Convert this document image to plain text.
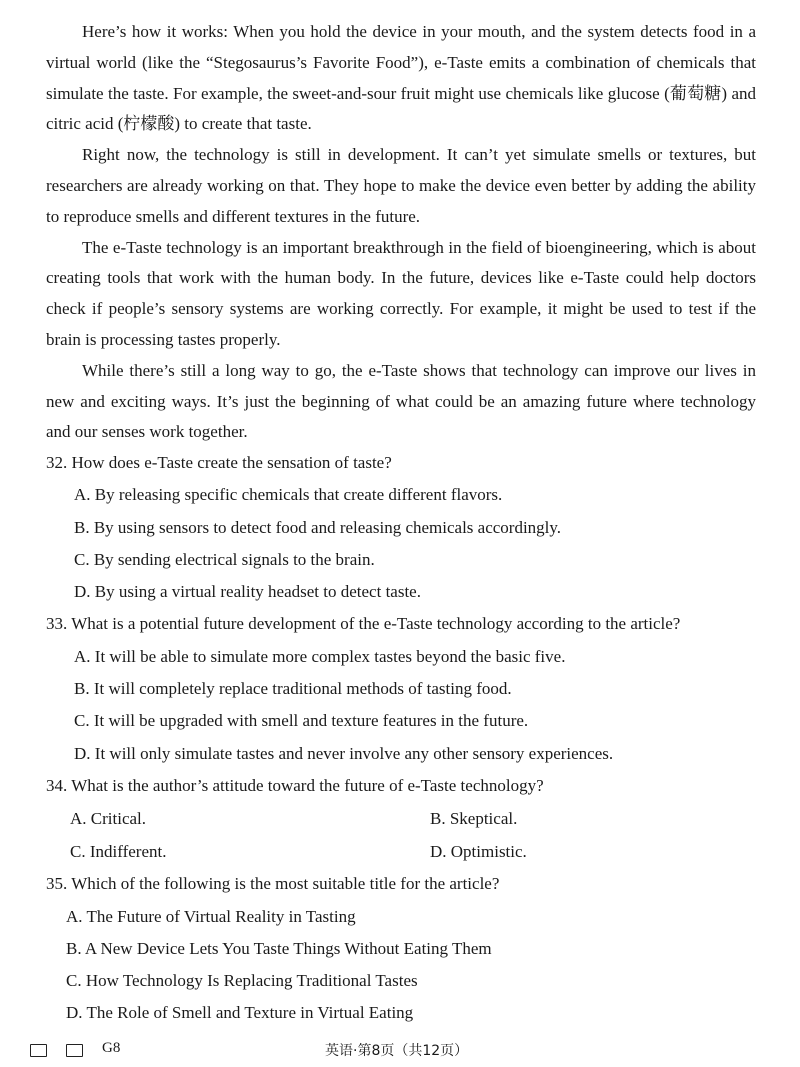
Here’s how it works: When you hold the device in your mouth, and the system detects food in a virtual world (like the “Stegosaurus’s Favorite Food”), e-Taste emits a combination of chemicals that simulate the taste. For example, the sweet-and-sour fruit might use chemicals like glucose (葡萄糖) and citric acid (柠檬酸) to create that taste.

Right now, the technology is still in development. It can’t yet simulate smells or textures, but researchers are already working on that. They hope to make the device even better by adding the ability to reproduce smells and different textures in the future.

The e-Taste technology is an important breakthrough in the field of bioengineering, which is about creating tools that work with the human body. In the future, devices like e-Taste could help doctors check if people’s sensory systems are working correctly. For example, it might be used to test if the brain is processing tastes properly.

While there’s still a long way to go, the e-Taste shows that technology can improve our lives in new and exciting ways. It’s just the beginning of what could be an amazing future where technology and our senses work together.

32. How does e-Taste create the sensation of taste?

A. By releasing specific chemicals that create different flavors.

B. By using sensors to detect food and releasing chemicals accordingly.

C. By sending electrical signals to the brain.

D. By using a virtual reality headset to detect taste.

33. What is a potential future development of the e-Taste technology according to the article?

A. It will be able to simulate more complex tastes beyond the basic five.

B. It will completely replace traditional methods of tasting food.

C. It will be upgraded with smell and texture features in the future.

D. It will only simulate tastes and never involve any other sensory experiences.

34. What is the author’s attitude toward the future of e-Taste technology?

A. Critical.	B. Skeptical.
C. Indifferent.	D. Optimistic.

35. Which of the following is the most suitable title for the article?

A. The Future of Virtual Reality in Tasting

B. A New Device Lets You Taste Things Without Eating Them

C. How Technology Is Replacing Traditional Tastes

D. The Role of Smell and Texture in Virtual Eating

G8	英语·第8页（共12页）
